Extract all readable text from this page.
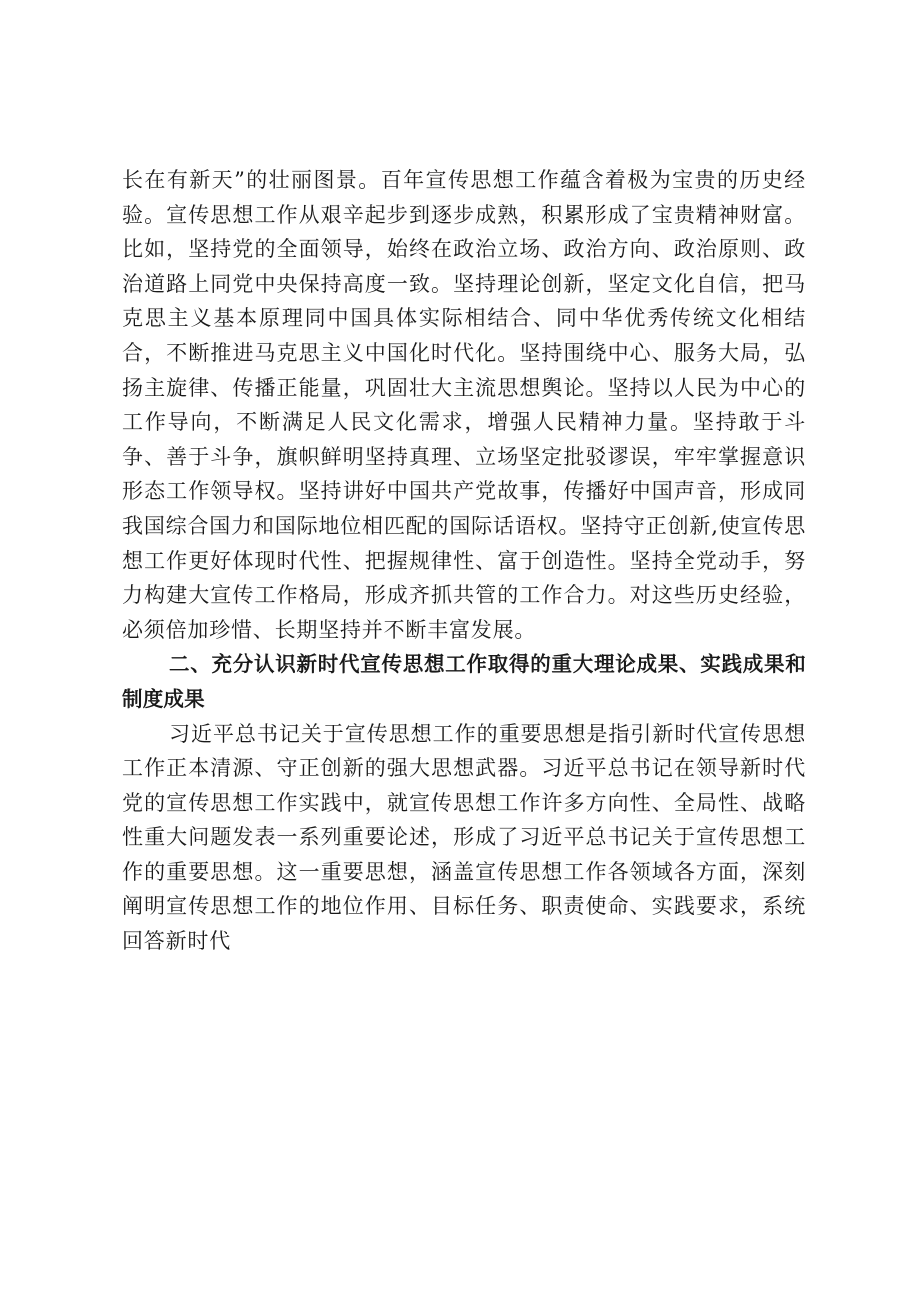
长在有新天”的壮丽图景。百年宣传思想工作蕴含着极为宝贵的历史经验。宣传思想工作从艰辛起步到逐步成熟，积累形成了宝贵精神财富。比如，坚持党的全面领导，始终在政治立场、政治方向、政治原则、政治道路上同党中央保持高度一致。坚持理论创新，坚定文化自信，把马克思主义基本原理同中国具体实际相结合、同中华优秀传统文化相结合，不断推进马克思主义中国化时代化。坚持围绕中心、服务大局，弘扬主旋律、传播正能量，巩固壮大主流思想舆论。坚持以人民为中心的工作导向，不断满足人民文化需求，增强人民精神力量。坚持敢于斗争、善于斗争，旗帜鲜明坚持真理、立场坚定批驳谬误，牢牢掌握意识形态工作领导权。坚持讲好中国共产党故事，传播好中国声音，形成同我国综合国力和国际地位相匹配的国际话语权。坚持守正创新,使宣传思想工作更好体现时代性、把握规律性、富于创造性。坚持全党动手，努力构建大宣传工作格局，形成齐抓共管的工作合力。对这些历史经验，必须倍加珍惜、长期坚持并不断丰富发展。

二、充分认识新时代宣传思想工作取得的重大理论成果、实践成果和制度成果

习近平总书记关于宣传思想工作的重要思想是指引新时代宣传思想工作正本清源、守正创新的强大思想武器。习近平总书记在领导新时代党的宣传思想工作实践中，就宣传思想工作许多方向性、全局性、战略性重大问题发表一系列重要论述，形成了习近平总书记关于宣传思想工作的重要思想。这一重要思想，涵盖宣传思想工作各领域各方面，深刻阐明宣传思想工作的地位作用、目标任务、职责使命、实践要求，系统回答新时代
